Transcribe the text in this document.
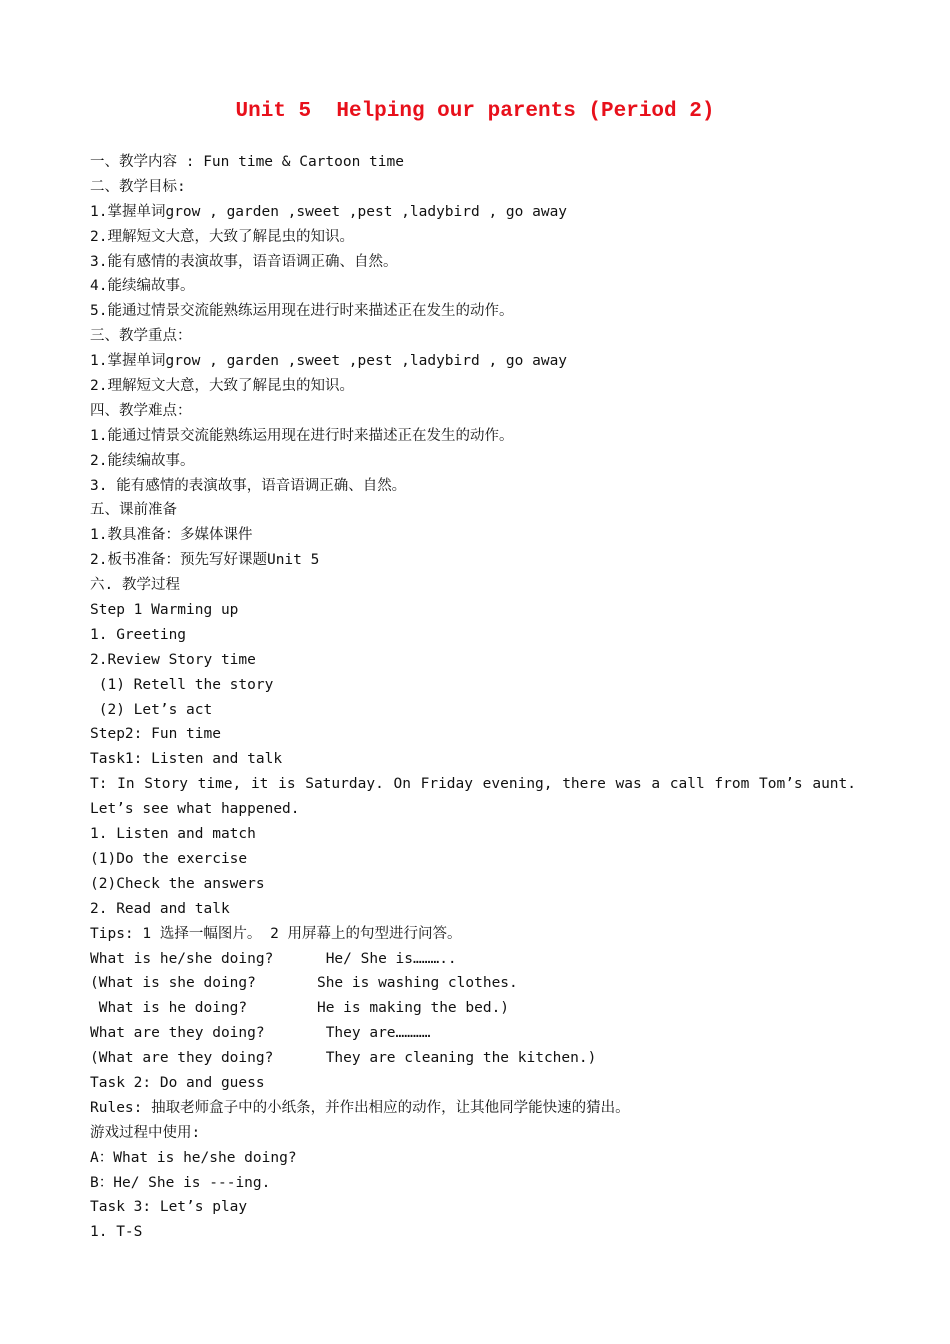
Unit 5  Helping our parents (Period 2)
一、教学内容 : Fun time & Cartoon time
二、教学目标:
1.掌握单词grow , garden ,sweet ,pest ,ladybird , go away
2.理解短文大意，大致了解昆虫的知识。
3.能有感情的表演故事，语音语调正确、自然。
4.能续编故事。
5.能通过情景交流能熟练运用现在进行时来描述正在发生的动作。
三、教学重点：
1.掌握单词grow , garden ,sweet ,pest ,ladybird , go away
2.理解短文大意，大致了解昆虫的知识。
四、教学难点：
1.能通过情景交流能熟练运用现在进行时来描述正在发生的动作。
2.能续编故事。
3. 能有感情的表演故事，语音语调正确、自然。
五、课前准备
1.教具准备：多媒体课件
2.板书准备：预先写好课题Unit 5
六. 教学过程
Step 1 Warming up
1. Greeting
2.Review Story time
(1) Retell the story
(2) Let’s act
Step2: Fun time
Task1: Listen and talk
T: In Story time, it is Saturday. On Friday evening, there was a call from Tom’s aunt.
Let’s see what happened.
1. Listen and match
(1)Do the exercise
(2)Check the answers
2. Read and talk
Tips: 1 选择一幅图片。 2 用屏幕上的句型进行问答。
What is he/she doing?      He/ She is………..
(What is she doing?       She is washing clothes.
What is he doing?        He is making the bed.)
What are they doing?       They are…………
(What are they doing?      They are cleaning the kitchen.)
Task 2: Do and guess
Rules: 抽取老师盒子中的小纸条，并作出相应的动作，让其他同学能快速的猜出。
游戏过程中使用:
A：What is he/she doing?
B：He/ She is ---ing.
Task 3: Let’s play
1. T-S
